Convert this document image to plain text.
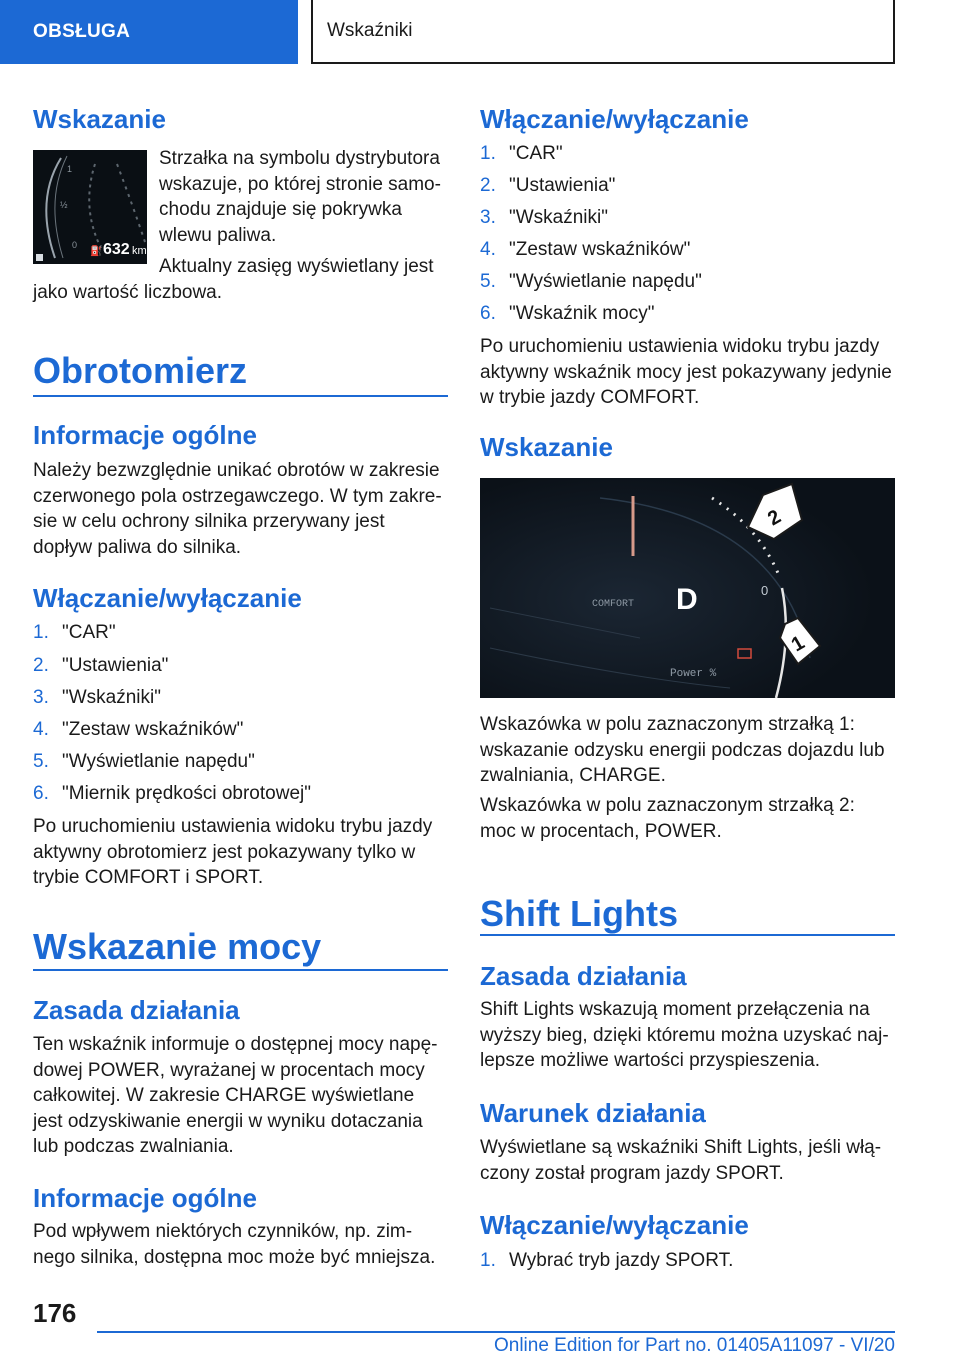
OBSŁUGA	Wskaźniki
Wskazanie
1
½
0
⛽ 632 km

Strzałka na symbolu dystrybutora wskazuje, po której stronie samo-chodu znajduje się pokrywka wlewu paliwa.

Aktualny zasięg wyświetlany jest jako wartość liczbowa.

Obrotomierz
Informacje ogólne

Należy bezwzględnie unikać obrotów w zakresie czerwonego pola ostrzegawczego. W tym zakre-sie w celu ochrony silnika przerywany jest dopływ paliwa do silnika.

Włączanie/wyłączanie
1. "CAR"
2. "Ustawienia"
3. "Wskaźniki"
4. "Zestaw wskaźników"
5. "Wyświetlanie napędu"
6. "Miernik prędkości obrotowej"

Po uruchomieniu ustawienia widoku trybu jazdy aktywny obrotomierz jest pokazywany tylko w trybie COMFORT i SPORT.

Wskazanie mocy
Zasada działania

Ten wskaźnik informuje o dostępnej mocy napę-dowej POWER, wyrażanej w procentach mocy całkowitej. W zakresie CHARGE wyświetlane jest odzyskiwanie energii w wyniku dotaczania lub podczas zwalniania.

Informacje ogólne

Pod wpływem niektórych czynników, np. zim-nego silnika, dostępna moc może być mniejsza.

Włączanie/wyłączanie
1. "CAR"
2. "Ustawienia"
3. "Wskaźniki"
4. "Zestaw wskaźników"
5. "Wyświetlanie napędu"
6. "Wskaźnik mocy"

Po uruchomieniu ustawienia widoku trybu jazdy aktywny wskaźnik mocy jest pokazywany jedynie w trybie jazdy COMFORT.

Wskazanie
COMFORT D	0
Power %
2
1

Wskazówka w polu zaznaczonym strzałką 1: wskazanie odzysku energii podczas dojazdu lub zwalniania, CHARGE.

Wskazówka w polu zaznaczonym strzałką 2: moc w procentach, POWER.

Shift Lights
Zasada działania

Shift Lights wskazują moment przełączenia na wyższy bieg, dzięki któremu można uzyskać naj-lepsze możliwe wartości przyspieszenia.

Warunek działania

Wyświetlane są wskaźniki Shift Lights, jeśli włą-czony został program jazdy SPORT.

Włączanie/wyłączanie
1. Wybrać tryb jazdy SPORT.
176
Online Edition for Part no. 01405A11097 - VI/20
